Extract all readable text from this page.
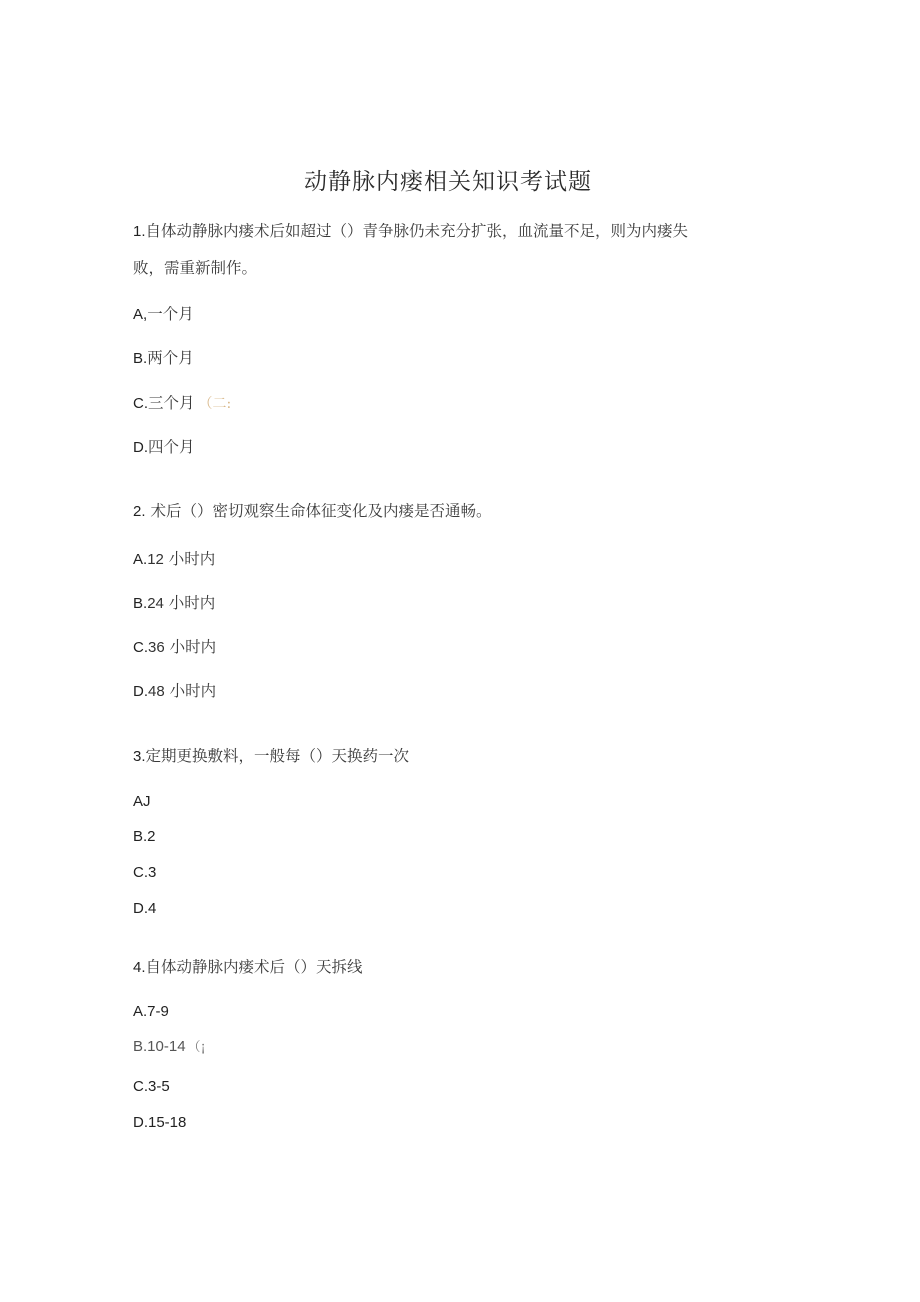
动静脉内瘘相关知识考试题
1.自体动静脉内瘘术后如超过（）青争脉仍未充分扩张，血流量不足，则为内瘘失
败，需重新制作。
A,一个月
B.两个月
C.三个月 （二:
D.四个月
2. 术后（）密切观察生命体征变化及内瘘是否通畅。
A.12 小时内
B.24 小时内
C.36 小时内
D.48 小时内
3.定期更换敷料，一般每（）天换药一次
AJ
B.2
C.3
D.4
4.自体动静脉内瘘术后（）天拆线
A.7-9
B.10-14 （¡
C.3-5
D.15-18
